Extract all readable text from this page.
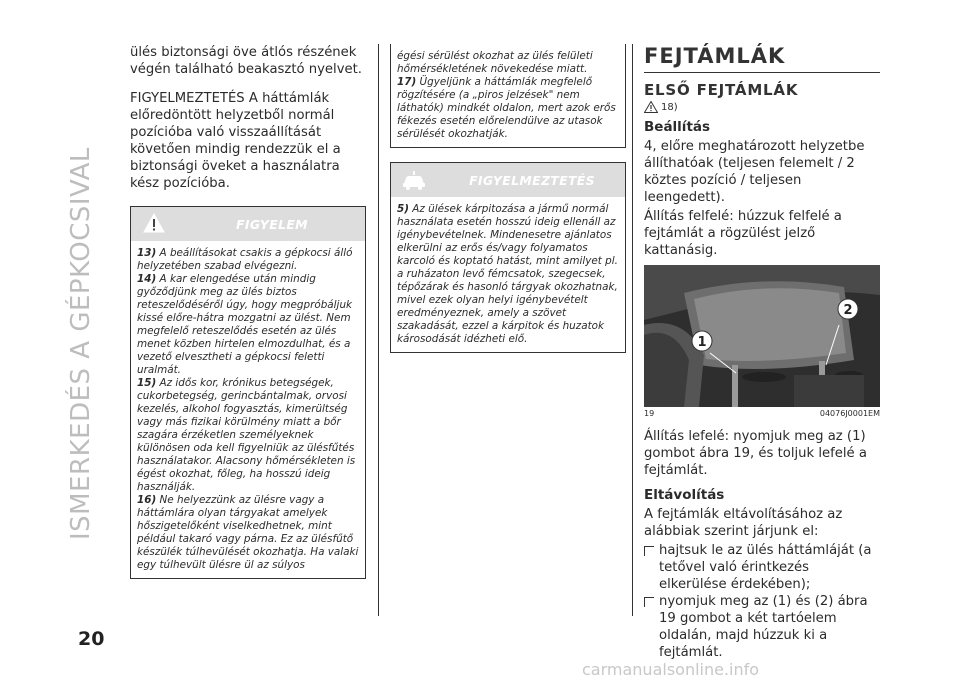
ISMERKEDÉS A GÉPKOCSIVAL
20

ülés biztonsági öve átlós részének végén található beakasztó nyelvet.

FIGYELMEZTETÉS A háttámlák előredöntött helyzetből normál pozícióba való visszaállítását követően mindig rendezzük el a biztonsági öveket a használatra kész pozícióba.

FIGYELEM

13) A beállításokat csakis a gépkocsi álló helyzetében szabad elvégezni.

14) A kar elengedése után mindig győződjünk meg az ülés biztos reteszelődéséről úgy, hogy megpróbáljuk kissé előre-hátra mozgatni az ülést. Nem megfelelő reteszelődés esetén az ülés menet közben hirtelen elmozdulhat, és a vezető elvesztheti a gépkocsi feletti uralmát.

15) Az idős kor, krónikus betegségek, cukorbetegség, gerincbántalmak, orvosi kezelés, alkohol fogyasztás, kimerültség vagy más fizikai körülmény miatt a bőr szagára érzéketlen személyeknek különösen oda kell figyelniük az ülésfűtés használatakor. Alacsony hőmérsékleten is égést okozhat, főleg, ha hosszú ideig használják.

16) Ne helyezzünk az ülésre vagy a háttámlára olyan tárgyakat amelyek hőszigetelőként viselkedhetnek, mint például takaró vagy párna. Ez az ülésfűtő készülék túlhevülését okozhatja. Ha valaki egy túlhevült ülésre ül az súlyos

égési sérülést okozhat az ülés felületi hőmérsékletének növekedése miatt.

17) Ügyeljünk a háttámlák megfelelő rögzítésére (a „piros jelzések" nem láthatók) mindkét oldalon, mert azok erős fékezés esetén előrelendülve az utasok sérülését okozhatják.

FIGYELMEZTETÉS

5) Az ülések kárpitozása a jármű normál használata esetén hosszú ideig ellenáll az igénybevételnek. Mindenesetre ajánlatos elkerülni az erős és/vagy folyamatos karcoló és koptató hatást, mint amilyet pl. a ruházaton levő fémcsatok, szegecsek, tépőzárak és hasonló tárgyak okozhatnak, mivel ezek olyan helyi igénybevételt eredményeznek, amely a szövet szakadását, ezzel a kárpitok és huzatok károsodását idézheti elő.

FEJTÁMLÁK
ELSŐ FEJTÁMLÁK
18)
Beállítás

4, előre meghatározott helyzetbe állíthatóak (teljesen felemelt / 2 köztes pozíció / teljesen leengedett).

Állítás felfelé: húzzuk felfelé a fejtámlát a rögzülést jelző kattanásig.

1
2
19	04076J0001EM

Állítás lefelé: nyomjuk meg az (1) gombot ábra 19, és toljuk lefelé a fejtámlát.

Eltávolítás

A fejtámlák eltávolításához az alábbiak szerint járjunk el:

hajtsuk le az ülés háttámláját (a tetővel való érintkezés elkerülése érdekében);
nyomjuk meg az (1) és (2) ábra 19 gombot a két tartóelem oldalán, majd húzzuk ki a fejtámlát.
carmanualsonline.info
